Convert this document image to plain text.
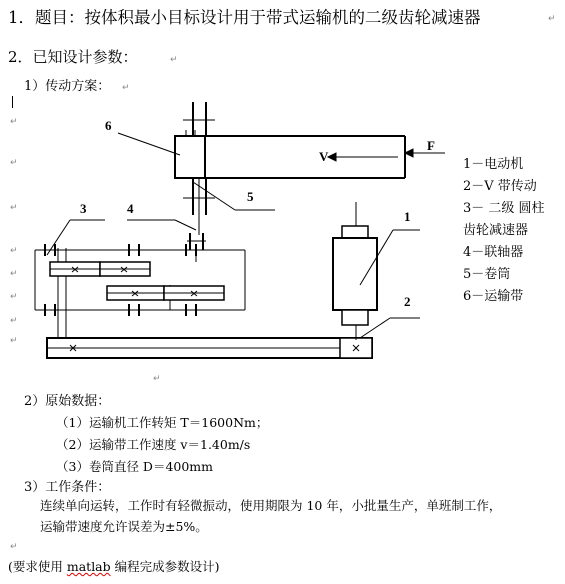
1．题目：按体积最小目标设计用于带式运输机的二级齿轮减速器
2．已知设计参数：
1）传动方案：
↵
↵
↵
↵
↵
↵
↵
↵
↵
↵
↵
↵
↵
6
5
3	4
1
2
V
F
1－电动机
2－V 带传动
3－ 二级 圆柱
齿轮减速器
4－联轴器
5－卷筒
6－运输带
2）原始数据：
（1）运输机工作转矩 T＝1600Nm；
（2）运输带工作速度 v＝1.40m/s
（3）卷筒直径 D＝400mm
3）工作条件：
连续单向运转，工作时有轻微振动，使用期限为 10 年，小批量生产，单班制工作，
运输带速度允许误差为±5%。
(要求使用 matlab 编程完成参数设计)
